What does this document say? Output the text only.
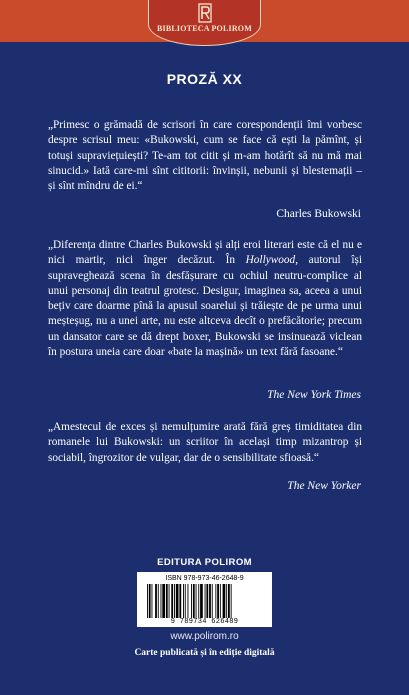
BIBLIOTECA POLIROM
PROZĂ XX

„Primesc o grămadă de scrisori în care corespondenții îmi vorbesc despre scrisul meu: «Bukowski, cum se face că ești la pămînt, și totuși supraviețuiești? Te-am tot citit și m-am hotărît să nu mă mai sinucid.» Iată care-mi sînt cititorii: învinșii, nebunii și blestemații – și sînt mîndru de ei.“

Charles Bukowski

„Diferența dintre Charles Bukowski și alți eroi literari este că el nu e nici martir, nici înger decăzut. În Hollywood, autorul își supraveghează scena în desfășurare cu ochiul neutru-complice al unui personaj din teatrul grotesc. Desigur, imaginea sa, aceea a unui bețiv care doarme pînă la apusul soarelui și trăiește de pe urma unui meșteșug, nu a unei arte, nu este altceva decît o prefăcătorie; precum un dansator care se dă drept boxer, Bukowski se insinuează viclean în postura uneia care doar «bate la mașină» un text fără fasoane.“

The New York Times

„Amestecul de exces și nemulțumire arată fără greș timiditatea din romanele lui Bukowski: un scriitor în același timp mizantrop și sociabil, îngrozitor de vulgar, dar de o sensibilitate sfioasă.“

The New Yorker
EDITURA POLIROM
ISBN 978-973-46-2648-9
9 789734 626489
www.polirom.ro
Carte publicată și în ediție digitală
